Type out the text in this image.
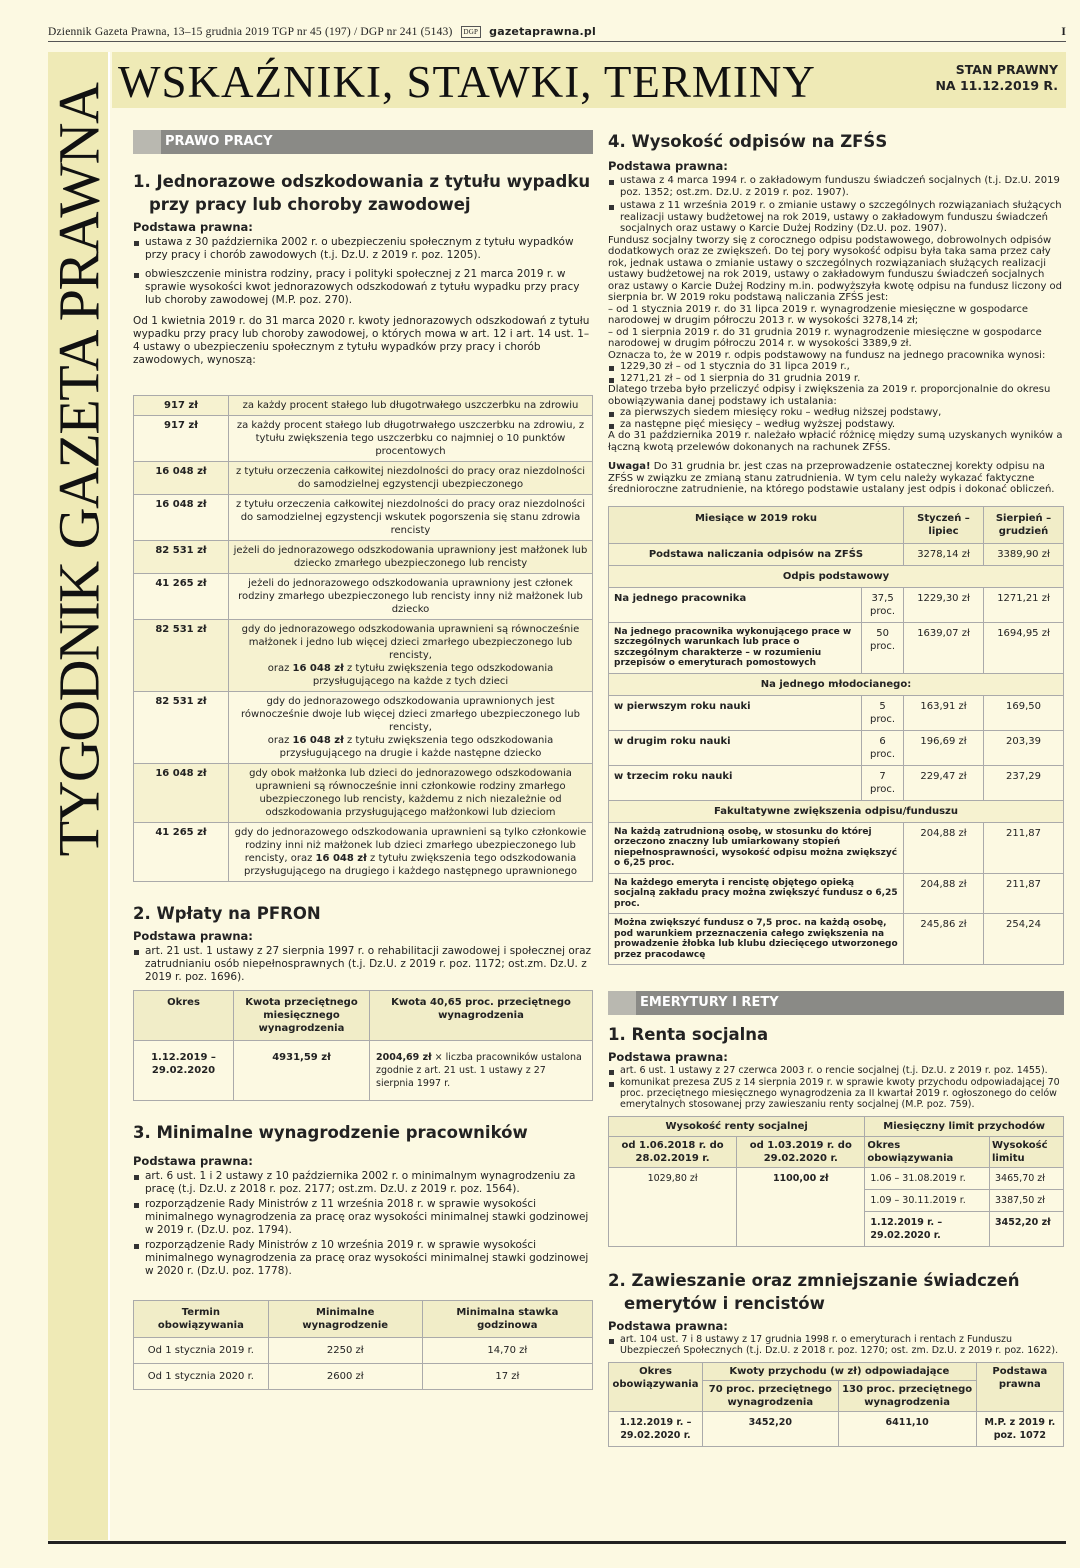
Dziennik Gazeta Prawna, 13–15 grudnia 2019 TGP nr 45 (197) / DGP nr 241 (5143)	DGP gazetaprawna.pl	I
TYGODNIK GAZETA PRAWNA
WSKAŹNIKI, STAWKI, TERMINY	STAN PRAWNY
NA 11.12.2019 R.
PRAWO PRACY
1. Jednorazowe odszkodowania z tytułu wypadku
przy pracy lub choroby zawodowej
Podstawa prawna:
ustawa z 30 października 2002 r. o ubezpieczeniu społecznym z tytułu wypadków przy pracy i chorób zawodowych (t.j. Dz.U. z 2019 r. poz. 1205).
obwieszczenie ministra rodziny, pracy i polityki społecznej z 21 marca 2019 r. w sprawie wysokości kwot jednorazowych odszkodowań z tytułu wypadku przy pracy lub choroby zawodowej (M.P. poz. 270).
Od 1 kwietnia 2019 r. do 31 marca 2020 r. kwoty jednorazowych odszkodowań z tytułu wypadku przy pracy lub choroby zawodowej, o których mowa w art. 12 i art. 14 ust. 1–4 ustawy o ubezpieczeniu społecznym z tytułu wypadków przy pracy i chorób zawodowych, wynoszą:
917 zł	za każdy procent stałego lub długotrwałego uszczerbku na zdrowiu
917 zł	za każdy procent stałego lub długotrwałego uszczerbku na zdrowiu, z tytułu zwiększenia tego uszczerbku co najmniej o 10 punktów procentowych
16 048 zł	z tytułu orzeczenia całkowitej niezdolności do pracy oraz niezdolności do samodzielnej egzystencji ubezpieczonego
16 048 zł	z tytułu orzeczenia całkowitej niezdolności do pracy oraz niezdolności do samodzielnej egzystencji wskutek pogorszenia się stanu zdrowia rencisty
82 531 zł	jeżeli do jednorazowego odszkodowania uprawniony jest małżonek lub dziecko zmarłego ubezpieczonego lub rencisty
41 265 zł	jeżeli do jednorazowego odszkodowania uprawniony jest członek rodziny zmarłego ubezpieczonego lub rencisty inny niż małżonek lub dziecko
82 531 zł	gdy do jednorazowego odszkodowania uprawnieni są równocześnie małżonek i jedno lub więcej dzieci zmarłego ubezpieczonego lub rencisty,
oraz 16 048 zł z tytułu zwiększenia tego odszkodowania przysługującego na każde z tych dzieci
82 531 zł	gdy do jednorazowego odszkodowania uprawnionych jest równocześnie dwoje lub więcej dzieci zmarłego ubezpieczonego lub rencisty,
oraz 16 048 zł z tytułu zwiększenia tego odszkodowania przysługującego na drugie i każde następne dziecko
16 048 zł	gdy obok małżonka lub dzieci do jednorazowego odszkodowania uprawnieni są równocześnie inni członkowie rodziny zmarłego ubezpieczonego lub rencisty, każdemu z nich niezależnie od odszkodowania przysługującego małżonkowi lub dzieciom
41 265 zł	gdy do jednorazowego odszkodowania uprawnieni są tylko członkowie rodziny inni niż małżonek lub dzieci zmarłego ubezpieczonego lub rencisty, oraz 16 048 zł z tytułu zwiększenia tego odszkodowania przysługującego na drugiego i każdego następnego uprawnionego
2. Wpłaty na PFRON
Podstawa prawna:
art. 21 ust. 1 ustawy z 27 sierpnia 1997 r. o rehabilitacji zawodowej i społecznej oraz zatrudnianiu osób niepełnosprawnych (t.j. Dz.U. z 2019 r. poz. 1172; ost.zm. Dz.U. z 2019 r. poz. 1696).
Okres	Kwota przeciętnego miesięcznego wynagrodzenia	Kwota 40,65 proc. przeciętnego wynagrodzenia
1.12.2019 –29.02.2020	4931,59 zł	2004,69 zł × liczba pracowników ustalona zgodnie z art. 21 ust. 1 ustawy z 27 sierpnia 1997 r.
3. Minimalne wynagrodzenie pracowników
Podstawa prawna:
art. 6 ust. 1 i 2 ustawy z 10 października 2002 r. o minimalnym wynagrodzeniu za pracę (t.j. Dz.U. z 2018 r. poz. 2177; ost.zm. Dz.U. z 2019 r. poz. 1564).
rozporządzenie Rady Ministrów z 11 września 2018 r. w sprawie wysokości minimalnego wynagrodzenia za pracę oraz wysokości minimalnej stawki godzinowej w 2019 r. (Dz.U. poz. 1794).
rozporządzenie Rady Ministrów z 10 września 2019 r. w sprawie wysokości minimalnego wynagrodzenia za pracę oraz wysokości minimalnej stawki godzinowej w 2020 r. (Dz.U. poz. 1778).
Termin obowiązywania	Minimalne wynagrodzenie	Minimalna stawka godzinowa
Od 1 stycznia 2019 r.	2250 zł	14,70 zł
Od 1 stycznia 2020 r.	2600 zł	17 zł
4. Wysokość odpisów na ZFŚS
Podstawa prawna:
ustawa z 4 marca 1994 r. o zakładowym funduszu świadczeń socjalnych (t.j. Dz.U. 2019 poz. 1352; ost.zm. Dz.U. z 2019 r. poz. 1907).
ustawa z 11 września 2019 r. o zmianie ustawy o szczególnych rozwiązaniach służących realizacji ustawy budżetowej na rok 2019, ustawy o zakładowym funduszu świadczeń socjalnych oraz ustawy o Karcie Dużej Rodziny (Dz.U. poz. 1907).
Fundusz socjalny tworzy się z corocznego odpisu podstawowego, dobrowolnych odpisów dodatkowych oraz ze zwiększeń. Do tej pory wysokość odpisu była taka sama przez cały rok, jednak ustawa o zmianie ustawy o szczególnych rozwiązaniach służących realizacji ustawy budżetowej na rok 2019, ustawy o zakładowym funduszu świadczeń socjalnych oraz ustawy o Karcie Dużej Rodziny m.in. podwyższyła kwotę odpisu na fundusz liczony od sierpnia br. W 2019 roku podstawą naliczania ZFŚS jest:
– od 1 stycznia 2019 r. do 31 lipca 2019 r. wynagrodzenie miesięczne w gospodarce narodowej w drugim półroczu 2013 r. w wysokości 3278,14 zł;
– od 1 sierpnia 2019 r. do 31 grudnia 2019 r. wynagrodzenie miesięczne w gospodarce narodowej w drugim półroczu 2014 r. w wysokości 3389,9 zł.
Oznacza to, że w 2019 r. odpis podstawowy na fundusz na jednego pracownika wynosi:
1229,30 zł – od 1 stycznia do 31 lipca 2019 r.,
1271,21 zł – od 1 sierpnia do 31 grudnia 2019 r.
Dlatego trzeba było przeliczyć odpisy i zwiększenia za 2019 r. proporcjonalnie do okresu obowiązywania danej podstawy ich ustalania:
za pierwszych siedem miesięcy roku – według niższej podstawy,
za następne pięć miesięcy – według wyższej podstawy.
A do 31 października 2019 r. należało wpłacić różnicę między sumą uzyskanych wyników a łączną kwotą przelewów dokonanych na rachunek ZFŚS.
Uwaga! Do 31 grudnia br. jest czas na przeprowadzenie ostatecznej korekty odpisu na ZFŚS w związku ze zmianą stanu zatrudnienia. W tym celu należy wykazać faktyczne średnioroczne zatrudnienie, na którego podstawie ustalany jest odpis i dokonać obliczeń.
Miesiące w 2019 roku		Styczeń – lipiec	Sierpień – grudzień
Podstawa naliczania odpisów na ZFŚS		3278,14 zł	3389,90 zł
Odpis podstawowy			
Na jednego pracownika	37,5 proc.	1229,30 zł	1271,21 zł
Na jednego pracownika wykonującego prace w szczególnych warunkach lub prace o szczególnym charakterze – w rozumieniu przepisów o emeryturach pomostowych	50 proc.	1639,07 zł	1694,95 zł
Na jednego młodocianego:			
w pierwszym roku nauki	5 proc.	163,91 zł	169,50
w drugim roku nauki	6 proc.	196,69 zł	203,39
w trzecim roku nauki	7 proc.	229,47 zł	237,29
Fakultatywne zwiększenia odpisu/funduszu			
Na każdą zatrudnioną osobę, w stosunku do której orzeczono znaczny lub umiarkowany stopień niepełnosprawności, wysokość odpisu można zwiększyć o 6,25 proc.		204,88 zł	211,87
Na każdego emeryta i rencistę objętego opieką socjalną zakładu pracy można zwiększyć fundusz o 6,25 proc.		204,88 zł	211,87
Można zwiększyć fundusz o 7,5 proc. na każdą osobę, pod warunkiem przeznaczenia całego zwiększenia na prowadzenie żłobka lub klubu dziecięcego utworzonego przez pracodawcę		245,86 zł	254,24
EMERYTURY I RETY
1. Renta socjalna
Podstawa prawna:
art. 6 ust. 1 ustawy z 27 czerwca 2003 r. o rencie socjalnej (t.j. Dz.U. z 2019 r. poz. 1455).
komunikat prezesa ZUS z 14 sierpnia 2019 r. w sprawie kwoty przychodu odpowiadającej 70 proc. przeciętnego miesięcznego wynagrodzenia za II kwartał 2019 r. ogłoszonego do celów emerytalnych stosowanej przy zawieszaniu renty socjalnej (M.P. poz. 759).
Wysokość renty socjalnej		Miesięczny limit przychodów	
od 1.06.2018 r. do 28.02.2019 r.	od 1.03.2019 r. do 29.02.2020 r.	Okres obowiązywania	Wysokość limitu
1029,80 zł	1100,00 zł	1.06 – 31.08.2019 r.	3465,70 zł
		1.09 – 30.11.2019 r.	3387,50 zł
		1.12.2019 r. – 29.02.2020 r.	3452,20 zł
2. Zawieszanie oraz zmniejszanie świadczeń
emerytów i rencistów
Podstawa prawna:
art. 104 ust. 7 i 8 ustawy z 17 grudnia 1998 r. o emeryturach i rentach z Funduszu Ubezpieczeń Społecznych (t.j. Dz.U. z 2018 r. poz. 1270; ost. zm. Dz.U. z 2019 r. poz. 1622).
Okres obowiązywania	Kwoty przychodu (w zł) odpowiadające		Podstawa prawna
	70 proc. przeciętnego wynagrodzenia	130 proc. przeciętnego wynagrodzenia	
1.12.2019 r. – 29.02.2020 r.	3452,20	6411,10	M.P. z 2019 r. poz. 1072
